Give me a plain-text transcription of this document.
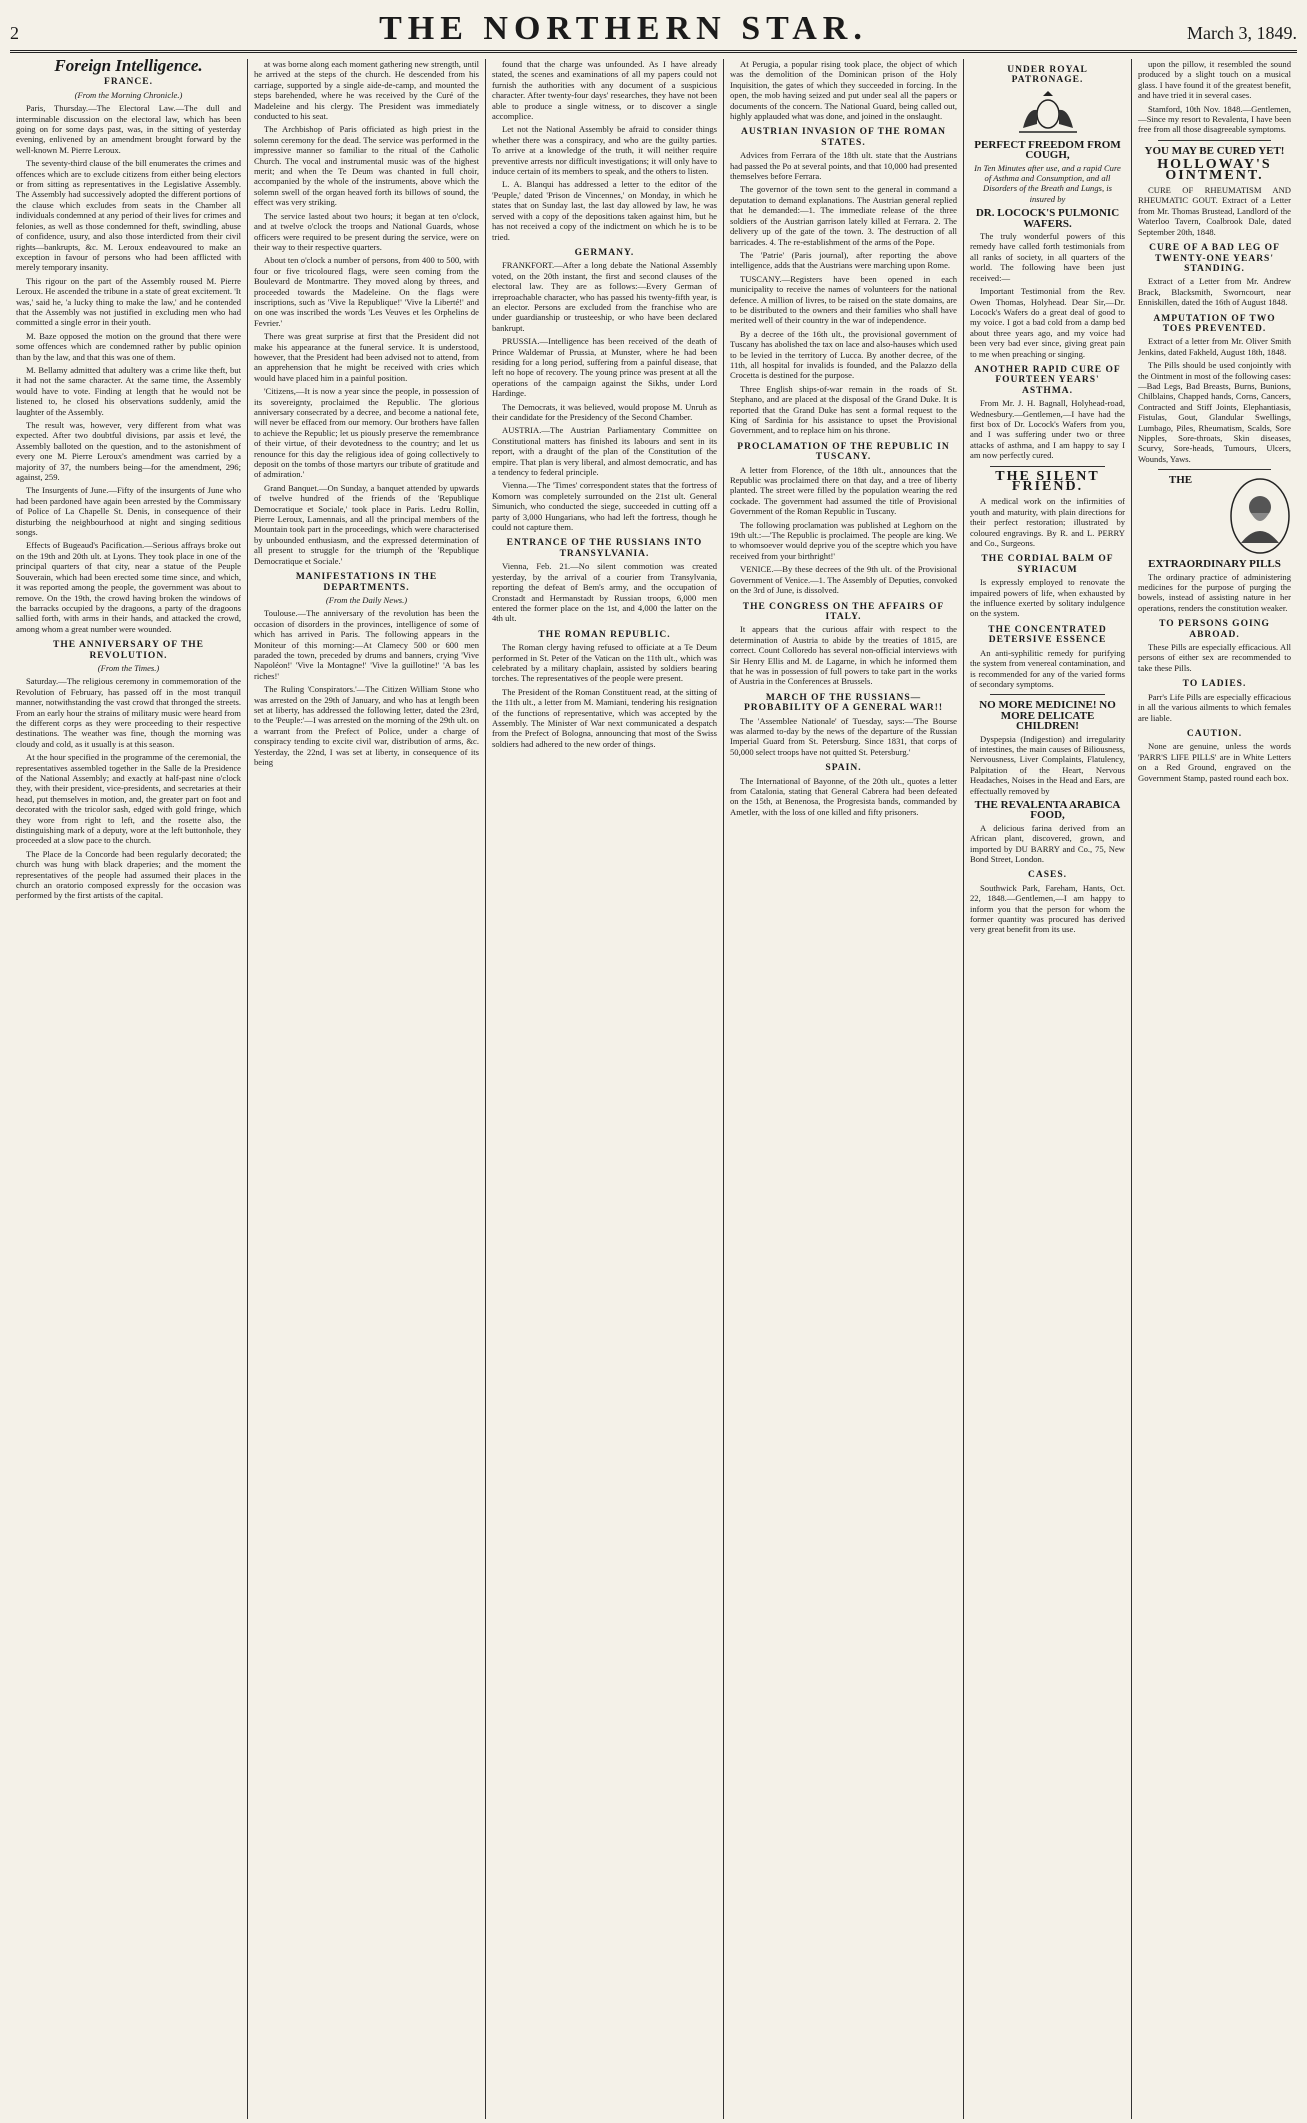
2	THE NORTHERN STAR.	March 3, 1849.
Foreign Intelligence.
FRANCE.
(From the Morning Chronicle.)

Paris, Thursday.—The Electoral Law.—The dull and interminable discussion on the electoral law, which has been going on for some days past, was, in the sitting of yesterday evening, enlivened by an amendment brought forward by the well-known M. Pierre Leroux.

The seventy-third clause of the bill enumerates the crimes and offences which are to exclude citizens from either being electors or from sitting as representatives in the Legislative Assembly. The Assembly had successively adopted the different portions of the clause which excludes from seats in the Chamber all individuals condemned at any period of their lives for crimes and felonies, as well as those condemned for theft, swindling, abuse of confidence, usury, and also those interdicted from their civil rights—bankrupts, &c. M. Leroux endeavoured to make an exception in favour of persons who had been afflicted with merely temporary insanity.

This rigour on the part of the Assembly roused M. Pierre Leroux. He ascended the tribune in a state of great excitement. 'It was,' said he, 'a lucky thing to make the law,' and he contended that the Assembly was not justified in excluding men who had committed a single error in their youth.

M. Baze opposed the motion on the ground that there were some offences which are condemned rather by public opinion than by the law, and that this was one of them.

M. Bellamy admitted that adultery was a crime like theft, but it had not the same character. At the same time, the Assembly would have to vote. Finding at length that he would not be listened to, he closed his observations suddenly, amid the laughter of the Assembly.

The result was, however, very different from what was expected. After two doubtful divisions, par assis et levé, the Assembly balloted on the question, and to the astonishment of every one M. Pierre Leroux's amendment was carried by a majority of 37, the numbers being—for the amendment, 296; against, 259.

The Insurgents of June.—Fifty of the insurgents of June who had been pardoned have again been arrested by the Commissary of Police of La Chapelle St. Denis, in consequence of their disturbing the neighbourhood at night and singing seditious songs.

Effects of Bugeaud's Pacification.—Serious affrays broke out on the 19th and 20th ult. at Lyons. They took place in one of the principal quarters of that city, near a statue of the Peuple Souverain, which had been erected some time since, and which, it was reported among the people, the government was about to remove. On the 19th, the crowd having broken the windows of the barracks occupied by the dragoons, a party of the dragoons sallied forth, with arms in their hands, and attacked the crowd, among whom a great number were wounded.

THE ANNIVERSARY OF THE REVOLUTION.
(From the Times.)

Saturday.—The religious ceremony in commemoration of the Revolution of February, has passed off in the most tranquil manner, notwithstanding the vast crowd that thronged the streets. From an early hour the strains of military music were heard from the different corps as they were proceeding to their respective destinations. The weather was fine, though the morning was cloudy and cold, as it usually is at this season.

At the hour specified in the programme of the ceremonial, the representatives assembled together in the Salle de la Presidence of the National Assembly; and exactly at half-past nine o'clock they, with their president, vice-presidents, and secretaries at their head, put themselves in motion, and, the greater part on foot and decorated with the tricolor sash, edged with gold fringe, which they wore from right to left, and the rosette also, the distinguishing mark of a deputy, wore at the left buttonhole, they proceeded at a slow pace to the church.

The Place de la Concorde had been regularly decorated; the church was hung with black draperies; and the moment the representatives of the people had assumed their places in the church an oratorio composed expressly for the occasion was performed by the first artists of the capital.

at was borne along each moment gathering new strength, until he arrived at the steps of the church. He descended from his carriage, supported by a single aide-de-camp, and mounted the steps barehended, where he was received by the Curé of the Madeleine and his clergy. The President was immediately conducted to his seat.

The Archbishop of Paris officiated as high priest in the solemn ceremony for the dead. The service was performed in the impressive manner so familiar to the ritual of the Catholic Church. The vocal and instrumental music was of the highest merit; and when the Te Deum was chanted in full choir, accompanied by the whole of the instruments, above which the solemn swell of the organ heaved forth its billows of sound, the effect was very striking.

The service lasted about two hours; it began at ten o'clock, and at twelve o'clock the troops and National Guards, whose officers were required to be present during the service, were on their way to their respective quarters.

About ten o'clock a number of persons, from 400 to 500, with four or five tricoloured flags, were seen coming from the Boulevard de Montmartre. They moved along by threes, and proceeded towards the Madeleine. On the flags were inscriptions, such as 'Vive la Republique!' 'Vive la Liberté!' and on one was inscribed the words 'Les Veuves et les Orphelins de Fevrier.'

There was great surprise at first that the President did not make his appearance at the funeral service. It is understood, however, that the President had been advised not to attend, from an apprehension that he might be received with cries which would have placed him in a painful position.

'Citizens,—It is now a year since the people, in possession of its sovereignty, proclaimed the Republic. The glorious anniversary consecrated by a decree, and become a national fete, will never be effaced from our memory. Our brothers have fallen to achieve the Republic; let us piously preserve the remembrance of their virtue, of their devotedness to the country; and let us renounce for this day the religious idea of going collectively to deposit on the tombs of those martyrs our tribute of gratitude and of admiration.'

Grand Banquet.—On Sunday, a banquet attended by upwards of twelve hundred of the friends of the 'Republique Democratique et Sociale,' took place in Paris. Ledru Rollin, Pierre Leroux, Lamennais, and all the principal members of the Mountain took part in the proceedings, which were characterised by unbounded enthusiasm, and the expressed determination of all present to struggle for the triumph of the 'Republique Democratique et Sociale.'

MANIFESTATIONS IN THE DEPARTMENTS.
(From the Daily News.)

Toulouse.—The anniversary of the revolution has been the occasion of disorders in the provinces, intelligence of some of which has arrived in Paris. The following appears in the Moniteur of this morning:—At Clamecy 500 or 600 men paraded the town, preceded by drums and banners, crying 'Vive Napoléon!' 'Vive la Montagne!' 'Vive la guillotine!' 'A bas les riches!'

The Ruling 'Conspirators.'—The Citizen William Stone who was arrested on the 29th of January, and who has at length been set at liberty, has addressed the following letter, dated the 23rd, to the 'Peuple:'—I was arrested on the morning of the 29th ult. on a warrant from the Prefect of Police, under a charge of conspiracy tending to excite civil war, distribution of arms, &c. Yesterday, the 22nd, I was set at liberty, in consequence of its being

found that the charge was unfounded. As I have already stated, the scenes and examinations of all my papers could not furnish the authorities with any document of a suspicious character. After twenty-four days' researches, they have not been able to produce a single witness, or to discover a single accomplice.

Let not the National Assembly be afraid to consider things whether there was a conspiracy, and who are the guilty parties. To arrive at a knowledge of the truth, it will neither require preventive arrests nor difficult investigations; it will only have to induce certain of its members to speak, and the others to listen.

L. A. Blanqui has addressed a letter to the editor of the 'Peuple,' dated 'Prison de Vincennes,' on Monday, in which he states that on Sunday last, the last day allowed by law, he was served with a copy of the depositions taken against him, but he has not received a copy of the indictment on which he is to be tried.

GERMANY.

FRANKFORT.—After a long debate the National Assembly voted, on the 20th instant, the first and second clauses of the electoral law. They are as follows:—Every German of irreproachable character, who has passed his twenty-fifth year, is an elector. Persons are excluded from the franchise who are under guardianship or trusteeship, or who have been declared bankrupt.

PRUSSIA.—Intelligence has been received of the death of Prince Waldemar of Prussia, at Munster, where he had been residing for a long period, suffering from a painful disease, that left no hope of recovery. The young prince was present at all the operations of the campaign against the Sikhs, under Lord Hardinge.

The Democrats, it was believed, would propose M. Unruh as their candidate for the Presidency of the Second Chamber.

AUSTRIA.—The Austrian Parliamentary Committee on Constitutional matters has finished its labours and sent in its report, with a draught of the plan of the Constitution of the empire. That plan is very liberal, and almost democratic, and has a tendency to federal principle.

Vienna.—The 'Times' correspondent states that the fortress of Komorn was completely surrounded on the 21st ult. General Simunich, who conducted the siege, succeeded in cutting off a party of 3,000 Hungarians, who had left the fortress, though he could not capture them.

ENTRANCE OF THE RUSSIANS INTO TRANSYLVANIA.

Vienna, Feb. 21.—No silent commotion was created yesterday, by the arrival of a courier from Transylvania, reporting the defeat of Bem's army, and the occupation of Cronstadt and Hermanstadt by Russian troops, 6,000 men entered the former place on the 1st, and 4,000 the latter on the 4th ult.

THE ROMAN REPUBLIC.

The Roman clergy having refused to officiate at a Te Deum performed in St. Peter of the Vatican on the 11th ult., which was celebrated by a military chaplain, assisted by soldiers bearing torches. The representatives of the people were present.

The President of the Roman Constituent read, at the sitting of the 11th ult., a letter from M. Mamiani, tendering his resignation of the functions of representative, which was accepted by the Assembly. The Minister of War next communicated a despatch from the Prefect of Bologna, announcing that most of the Swiss soldiers had adhered to the new order of things.

At Perugia, a popular rising took place, the object of which was the demolition of the Dominican prison of the Holy Inquisition, the gates of which they succeeded in forcing. In the open, the mob having seized and put under seal all the papers or documents of the concern. The National Guard, being called out, highly applauded what was done, and joined in the onslaught.

AUSTRIAN INVASION OF THE ROMAN STATES.

Advices from Ferrara of the 18th ult. state that the Austrians had passed the Po at several points, and that 10,000 had presented themselves before Ferrara.

The governor of the town sent to the general in command a deputation to demand explanations. The Austrian general replied that he demanded:—1. The immediate release of the three soldiers of the Austrian garrison lately killed at Ferrara. 2. The delivery up of the gate of the town. 3. The destruction of all barricades. 4. The re-establishment of the arms of the Pope.

The 'Patrie' (Paris journal), after reporting the above intelligence, adds that the Austrians were marching upon Rome.

TUSCANY.—Registers have been opened in each municipality to receive the names of volunteers for the national defence. A million of livres, to be raised on the state domains, are to be distributed to the owners and their families who shall have merited well of their country in the war of independence.

By a decree of the 16th ult., the provisional government of Tuscany has abolished the tax on lace and also-hauses which used to be levied in the territory of Lucca. By another decree, of the 11th, all hospital for invalids is founded, and the Palazzo della Crocetta is destined for the purpose.

Three English ships-of-war remain in the roads of St. Stephano, and are placed at the disposal of the Grand Duke. It is reported that the Grand Duke has sent a formal request to the King of Sardinia for his assistance to upset the Provisional Government, and to replace him on his throne.

PROCLAMATION OF THE REPUBLIC IN TUSCANY.

A letter from Florence, of the 18th ult., announces that the Republic was proclaimed there on that day, and a tree of liberty planted. The street were filled by the population wearing the red cockade. The government had assumed the title of Provisional Government of the Roman Republic in Tuscany.

The following proclamation was published at Leghorn on the 19th ult.:—'The Republic is proclaimed. The people are king. We to whomsoever would deprive you of the sceptre which you have received from your birthright!'

VENICE.—By these decrees of the 9th ult. of the Provisional Government of Venice.—1. The Assembly of Deputies, convoked on the 3rd of June, is dissolved.

THE CONGRESS ON THE AFFAIRS OF ITALY.

It appears that the curious affair with respect to the determination of Austria to abide by the treaties of 1815, are correct. Count Colloredo has several non-official interviews with Sir Henry Ellis and M. de Lagarne, in which he informed them that he was in possession of full powers to take part in the works of Austria in the Conferences at Brussels.

MARCH OF THE RUSSIANS—PROBABILITY OF A GENERAL WAR!!

The 'Assemblee Nationale' of Tuesday, says:—'The Bourse was alarmed to-day by the news of the departure of the Russian Imperial Guard from St. Petersburg. Since 1831, that corps of 50,000 select troops have not quitted St. Petersburg.'

SPAIN.

The International of Bayonne, of the 20th ult., quotes a letter from Catalonia, stating that General Cabrera had been defeated on the 15th, at Benenosa, the Progresista bands, commanded by Ametler, with the loss of one killed and fifty prisoners.

UNDER ROYAL PATRONAGE.
PERFECT FREEDOM FROM COUGH,
In Ten Minutes after use, and a rapid Cure of Asthma and Consumption, and all Disorders of the Breath and Lungs, is insured by
DR. LOCOCK'S PULMONIC WAFERS.

The truly wonderful powers of this remedy have called forth testimonials from all ranks of society, in all quarters of the world. The following have been just received:—

Important Testimonial from the Rev. Owen Thomas, Holyhead. Dear Sir,—Dr. Locock's Wafers do a great deal of good to my voice. I got a bad cold from a damp bed about three years ago, and my voice had been very bad ever since, giving great pain to me when preaching or singing.

ANOTHER RAPID CURE OF FOURTEEN YEARS' ASTHMA.

From Mr. J. H. Bagnall, Holyhead-road, Wednesbury.—Gentlemen,—I have had the first box of Dr. Locock's Wafers from you, and I was suffering under two or three attacks of asthma, and I am happy to say I am now perfectly cured.

THE SILENT FRIEND.

A medical work on the infirmities of youth and maturity, with plain directions for their perfect restoration; illustrated by coloured engravings. By R. and L. PERRY and Co., Surgeons.

THE CORDIAL BALM OF SYRIACUM

Is expressly employed to renovate the impaired powers of life, when exhausted by the influence exerted by solitary indulgence on the system.

THE CONCENTRATED DETERSIVE ESSENCE

An anti-syphilitic remedy for purifying the system from venereal contamination, and is recommended for any of the varied forms of secondary symptoms.

NO MORE MEDICINE! NO MORE DELICATE CHILDREN!

Dyspepsia (Indigestion) and irregularity of intestines, the main causes of Biliousness, Nervousness, Liver Complaints, Flatulency, Palpitation of the Heart, Nervous Headaches, Noises in the Head and Ears, are effectually removed by

THE REVALENTA ARABICA FOOD,

A delicious farina derived from an African plant, discovered, grown, and imported by DU BARRY and Co., 75, New Bond Street, London.

CASES.

Southwick Park, Fareham, Hants, Oct. 22, 1848.—Gentlemen,—I am happy to inform you that the person for whom the former quantity was procured has derived very great benefit from its use.

upon the pillow, it resembled the sound produced by a slight touch on a musical glass. I have found it of the greatest benefit, and have tried it in several cases.

Stamford, 10th Nov. 1848.—Gentlemen,—Since my resort to Revalenta, I have been free from all those disagreeable symptoms.

YOU MAY BE CURED YET!
HOLLOWAY'S OINTMENT.

CURE OF RHEUMATISM AND RHEUMATIC GOUT. Extract of a Letter from Mr. Thomas Brustead, Landlord of the Waterloo Tavern, Coalbrook Dale, dated September 20th, 1848.

CURE OF A BAD LEG OF TWENTY-ONE YEARS' STANDING.

Extract of a Letter from Mr. Andrew Brack, Blacksmith, Sworncourt, near Enniskillen, dated the 16th of August 1848.

AMPUTATION OF TWO TOES PREVENTED.

Extract of a letter from Mr. Oliver Smith Jenkins, dated Fakheld, August 18th, 1848.

The Pills should be used conjointly with the Ointment in most of the following cases:—Bad Legs, Bad Breasts, Burns, Bunions, Chilblains, Chapped hands, Corns, Cancers, Contracted and Stiff Joints, Elephantiasis, Fistulas, Gout, Glandular Swellings, Lumbago, Piles, Rheumatism, Scalds, Sore Nipples, Sore-throats, Skin diseases, Scurvy, Sore-heads, Tumours, Ulcers, Wounds, Yaws.

THE EXTRAORDINARY PILLS

The ordinary practice of administering medicines for the purpose of purging the bowels, instead of assisting nature in her operations, renders the constitution weaker.

TO PERSONS GOING ABROAD.

These Pills are especially efficacious. All persons of either sex are recommended to take these Pills.

TO LADIES.

Parr's Life Pills are especially efficacious in all the various ailments to which females are liable.

CAUTION.

None are genuine, unless the words 'PARR'S LIFE PILLS' are in White Letters on a Red Ground, engraved on the Government Stamp, pasted round each box.
